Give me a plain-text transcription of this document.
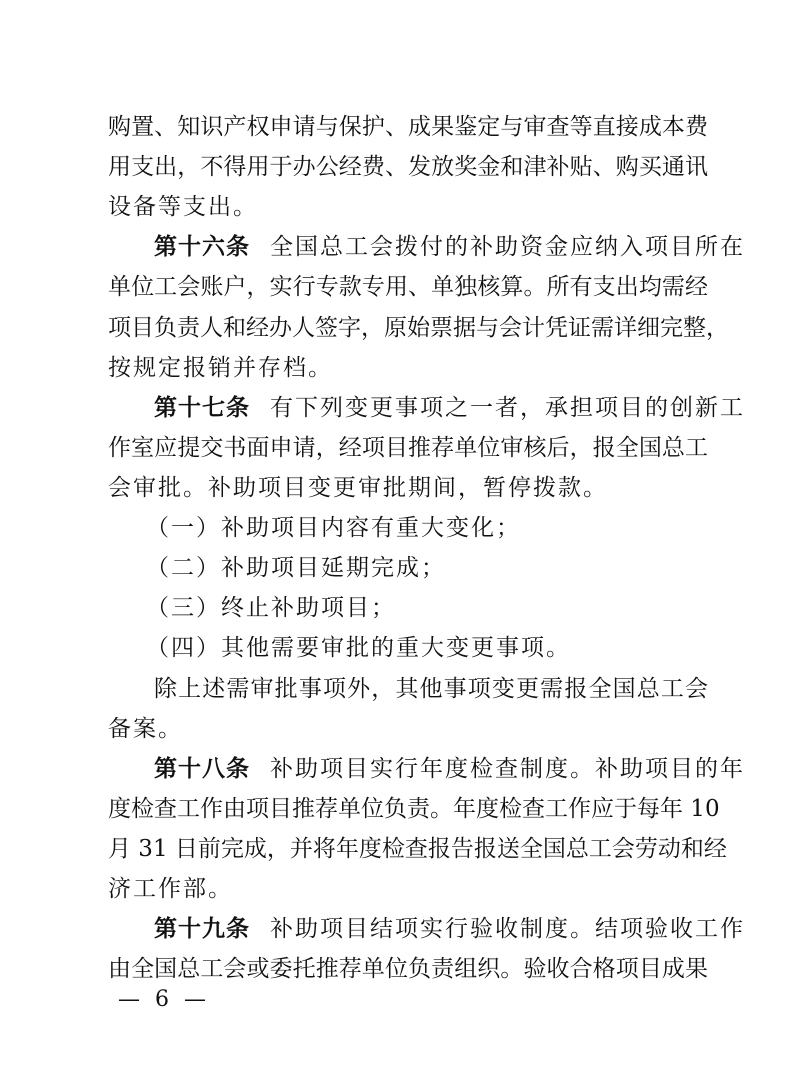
购置、知识产权申请与保护、成果鉴定与审查等直接成本费
用支出，不得用于办公经费、发放奖金和津补贴、购买通讯
设备等支出。
第十六条 全国总工会拨付的补助资金应纳入项目所在
单位工会账户，实行专款专用、单独核算。所有支出均需经
项目负责人和经办人签字，原始票据与会计凭证需详细完整，
按规定报销并存档。
第十七条 有下列变更事项之一者，承担项目的创新工
作室应提交书面申请，经项目推荐单位审核后，报全国总工
会审批。补助项目变更审批期间，暂停拨款。
（一）补助项目内容有重大变化；
（二）补助项目延期完成；
（三）终止补助项目；
（四）其他需要审批的重大变更事项。
除上述需审批事项外，其他事项变更需报全国总工会
备案。
第十八条 补助项目实行年度检查制度。补助项目的年
度检查工作由项目推荐单位负责。年度检查工作应于每年 10
月 31 日前完成，并将年度检查报告报送全国总工会劳动和经
济工作部。
第十九条 补助项目结项实行验收制度。结项验收工作
由全国总工会或委托推荐单位负责组织。验收合格项目成果
— 6 —
